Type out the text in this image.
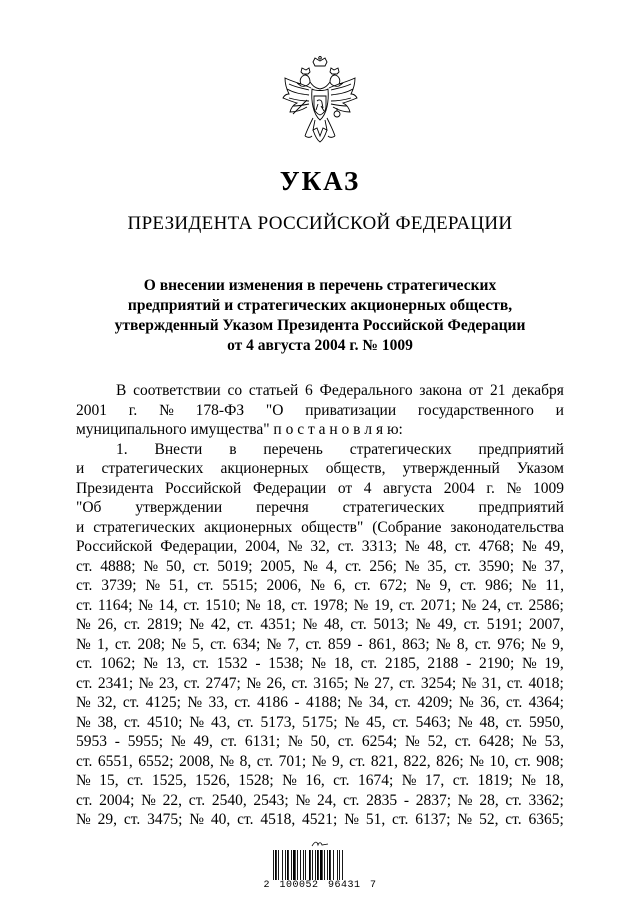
УКАЗ
ПРЕЗИДЕНТА РОССИЙСКОЙ ФЕДЕРАЦИИ
О внесении изменения в перечень стратегических
предприятий и стратегических акционерных обществ,
утвержденный Указом Президента Российской Федерации
от 4 августа 2004 г. № 1009
В соответствии со статьей 6 Федерального закона от 21 декабря
2001 г. № 178-ФЗ "О приватизации государственного и
муниципального имущества" п о с т а н о в л я ю:
1. Внести в перечень стратегических предприятий
и стратегических акционерных обществ, утвержденный Указом
Президента Российской Федерации от 4 августа 2004 г. № 1009
"Об утверждении перечня стратегических предприятий
и стратегических акционерных обществ" (Собрание законодательства
Российской Федерации, 2004, № 32, ст. 3313; № 48, ст. 4768; № 49,
ст. 4888; № 50, ст. 5019; 2005, № 4, ст. 256; № 35, ст. 3590; № 37,
ст. 3739; № 51, ст. 5515; 2006, № 6, ст. 672; № 9, ст. 986; № 11,
ст. 1164; № 14, ст. 1510; № 18, ст. 1978; № 19, ст. 2071; № 24, ст. 2586;
№ 26, ст. 2819; № 42, ст. 4351; № 48, ст. 5013; № 49, ст. 5191; 2007,
№ 1, ст. 208; № 5, ст. 634; № 7, ст. 859 - 861, 863; № 8, ст. 976; № 9,
ст. 1062; № 13, ст. 1532 - 1538; № 18, ст. 2185, 2188 - 2190; № 19,
ст. 2341; № 23, ст. 2747; № 26, ст. 3165; № 27, ст. 3254; № 31, ст. 4018;
№ 32, ст. 4125; № 33, ст. 4186 - 4188; № 34, ст. 4209; № 36, ст. 4364;
№ 38, ст. 4510; № 43, ст. 5173, 5175; № 45, ст. 5463; № 48, ст. 5950,
5953 - 5955; № 49, ст. 6131; № 50, ст. 6254; № 52, ст. 6428; № 53,
ст. 6551, 6552; 2008, № 8, ст. 701; № 9, ст. 821, 822, 826; № 10, ст. 908;
№ 15, ст. 1525, 1526, 1528; № 16, ст. 1674; № 17, ст. 1819; № 18,
ст. 2004; № 22, ст. 2540, 2543; № 24, ст. 2835 - 2837; № 28, ст. 3362;
№ 29, ст. 3475; № 40, ст. 4518, 4521; № 51, ст. 6137; № 52, ст. 6365;
2 100052 96431 7
